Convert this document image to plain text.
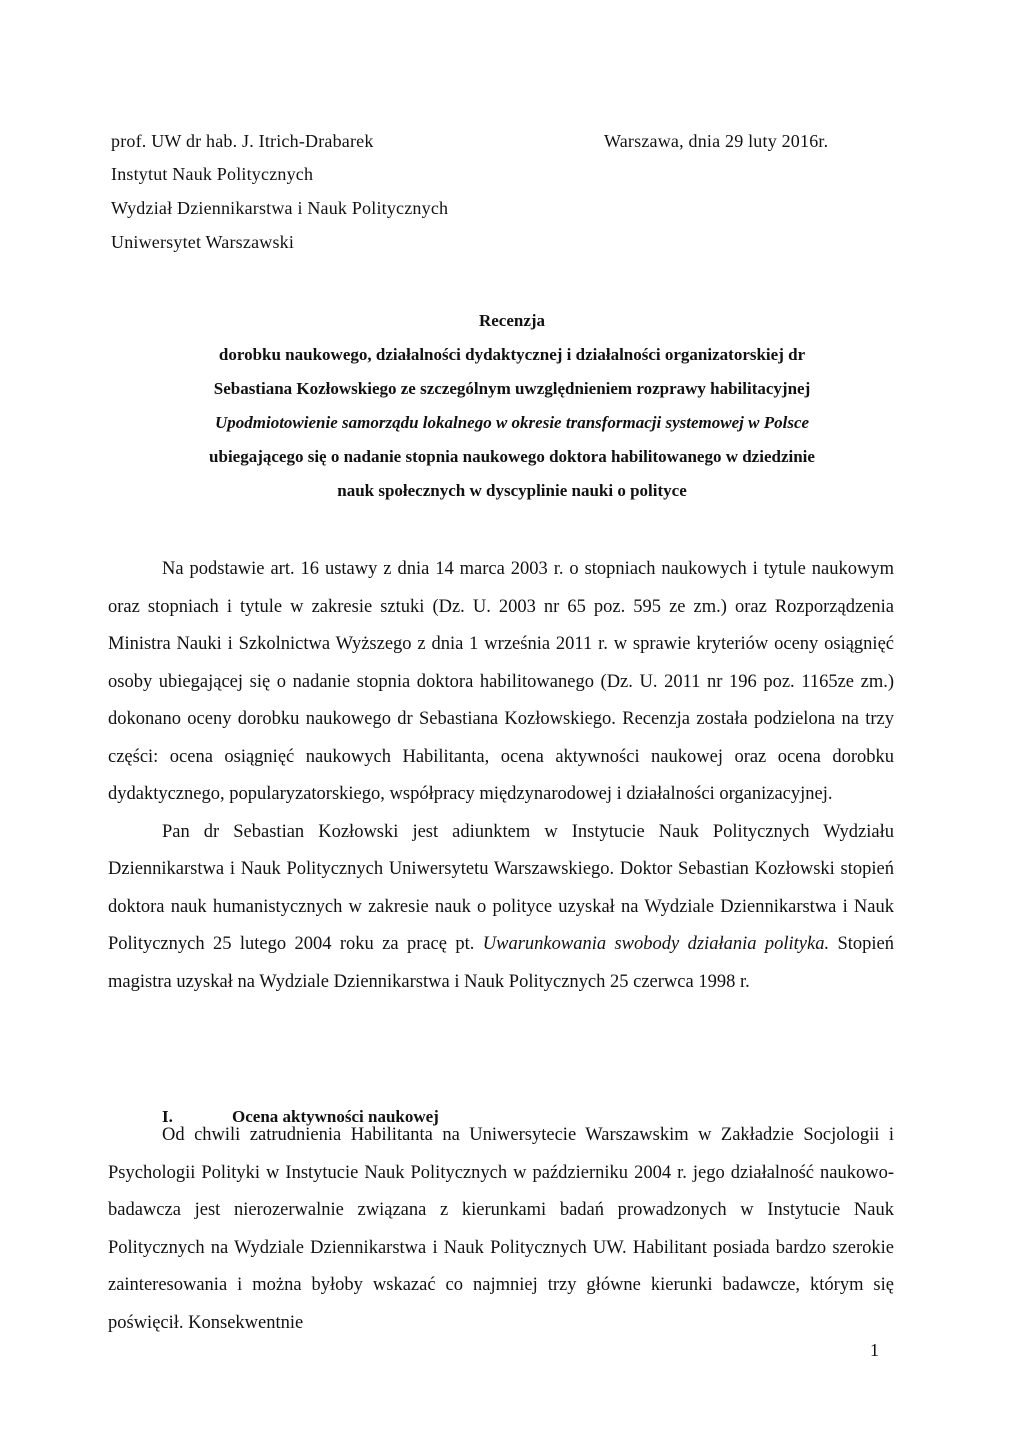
prof. UW dr hab. J. Itrich-Drabarek	Warszawa, dnia 29 luty 2016r.
Instytut Nauk Politycznych
Wydział Dziennikarstwa i Nauk Politycznych
Uniwersytet Warszawski
Recenzja
dorobku naukowego, działalności dydaktycznej i działalności organizatorskiej dr
Sebastiana Kozłowskiego ze szczególnym uwzględnieniem rozprawy habilitacyjnej
Upodmiotowienie samorządu lokalnego w okresie transformacji systemowej w Polsce
ubiegającego się o nadanie stopnia naukowego doktora habilitowanego w dziedzinie
nauk społecznych w dyscyplinie nauki o polityce

Na podstawie art. 16 ustawy z dnia 14 marca 2003 r. o stopniach naukowych i tytule naukowym oraz stopniach i tytule w zakresie sztuki (Dz. U. 2003 nr 65 poz. 595 ze zm.) oraz Rozporządzenia Ministra Nauki i Szkolnictwa Wyższego z dnia 1 września 2011 r. w sprawie kryteriów oceny osiągnięć osoby ubiegającej się o nadanie stopnia doktora habilitowanego (Dz. U. 2011 nr 196 poz. 1165ze zm.) dokonano oceny dorobku naukowego dr Sebastiana Kozłowskiego. Recenzja została podzielona na trzy części: ocena osiągnięć naukowych Habilitanta, ocena aktywności naukowej oraz ocena dorobku dydaktycznego, popularyzatorskiego, współpracy międzynarodowej i działalności organizacyjnej.

Pan dr Sebastian Kozłowski jest adiunktem w Instytucie Nauk Politycznych Wydziału Dziennikarstwa i Nauk Politycznych Uniwersytetu Warszawskiego. Doktor Sebastian Kozłowski stopień doktora nauk humanistycznych w zakresie nauk o polityce uzyskał na Wydziale Dziennikarstwa i Nauk Politycznych 25 lutego 2004 roku za pracę pt. Uwarunkowania swobody działania polityka. Stopień magistra uzyskał na Wydziale Dziennikarstwa i Nauk Politycznych 25 czerwca 1998 r.

I.	Ocena aktywności naukowej

Od chwili zatrudnienia Habilitanta na Uniwersytecie Warszawskim w Zakładzie Socjologii i Psychologii Polityki w Instytucie Nauk Politycznych w październiku 2004 r. jego działalność naukowo-badawcza jest nierozerwalnie związana z kierunkami badań prowadzonych w Instytucie Nauk Politycznych na Wydziale Dziennikarstwa i Nauk Politycznych UW. Habilitant posiada bardzo szerokie zainteresowania i można byłoby wskazać co najmniej trzy główne kierunki badawcze, którym się poświęcił. Konsekwentnie

1
